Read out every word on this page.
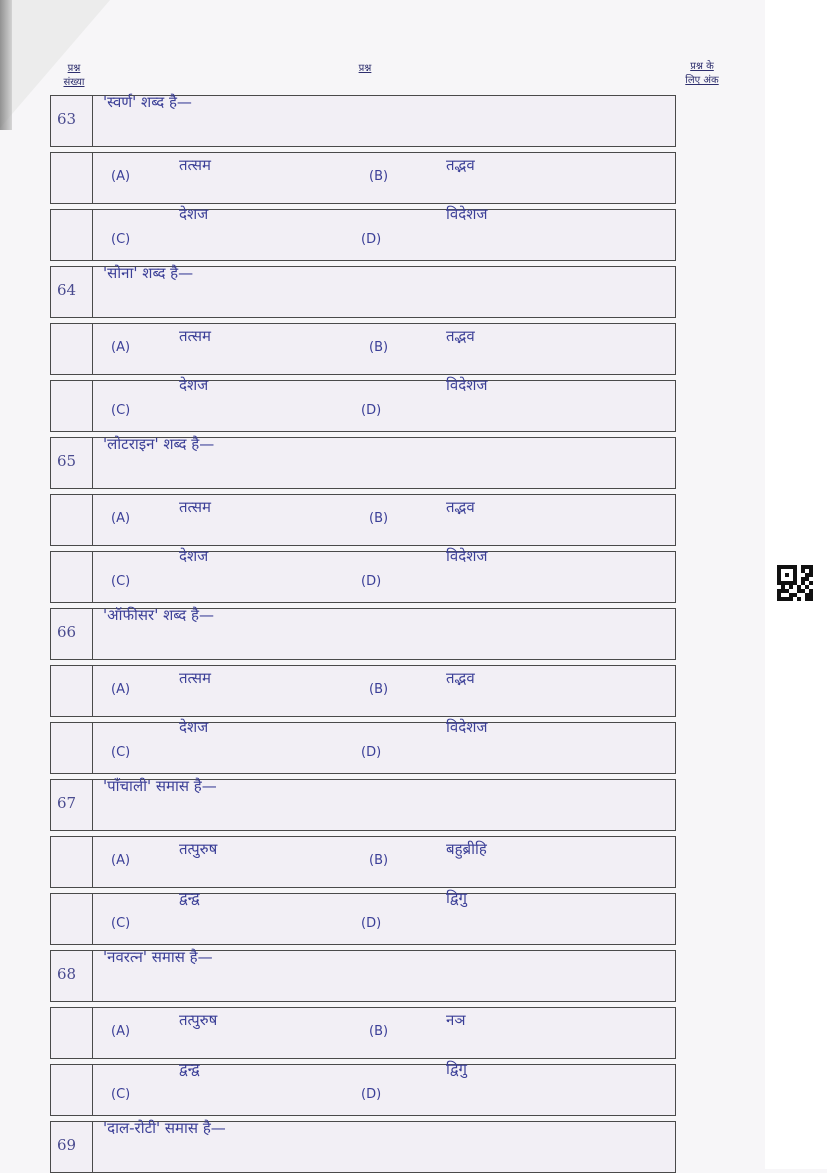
प्रश्न
संख्या
प्रश्न	प्रश्न के
लिए अंक
63
'स्वर्ण' शब्द है—
(A)
तत्सम
(B)
तद्भव
(C)
देशज
(D)
विदेशज
64
'सोना' शब्द है—
(A)
तत्सम
(B)
तद्भव
(C)
देशज
(D)
विदेशज
65
'लोटराइन' शब्द है—
(A)
तत्सम
(B)
तद्भव
(C)
देशज
(D)
विदेशज
66
'ऑफीसर' शब्द है—
(A)
तत्सम
(B)
तद्भव
(C)
देशज
(D)
विदेशज
67
'पाँचाली' समास है—
(A)
तत्पुरुष
(B)
बहुब्रीहि
(C)
द्वन्द्व
(D)
द्विगु
68
'नवरत्न' समास है—
(A)
तत्पुरुष
(B)
नञ
(C)
द्वन्द्व
(D)
द्विगु
69
'दाल-रोटी' समास है—
